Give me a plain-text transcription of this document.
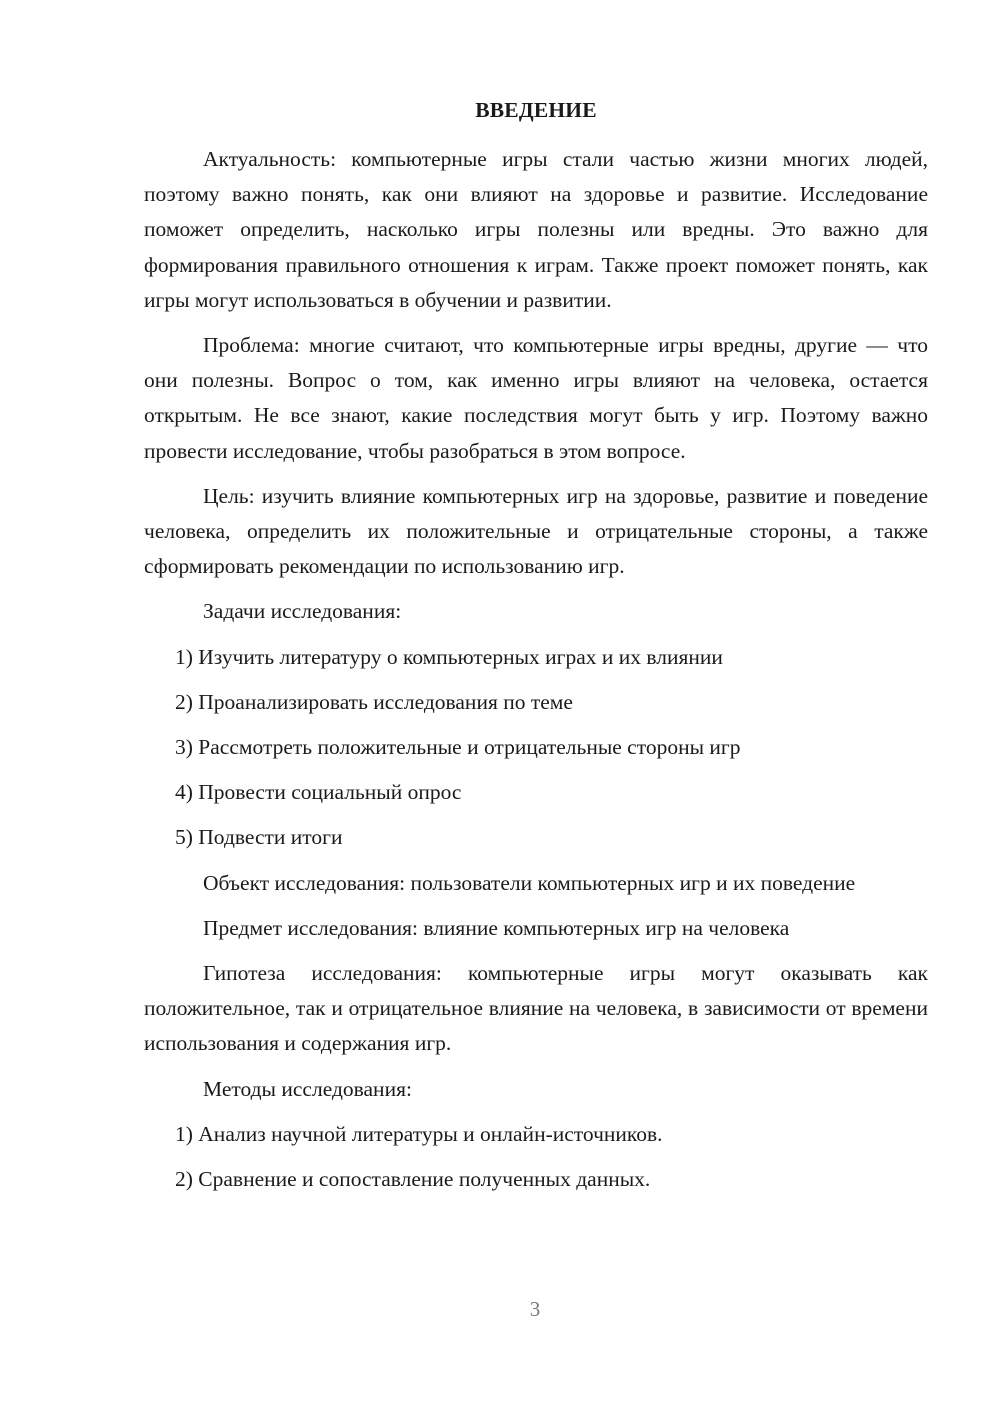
ВВЕДЕНИЕ

Актуальность: компьютерные игры стали частью жизни многих людей, поэтому важно понять, как они влияют на здоровье и развитие. Исследование поможет определить, насколько игры полезны или вредны. Это важно для формирования правильного отношения к играм. Также проект поможет понять, как игры могут использоваться в обучении и развитии.

Проблема: многие считают, что компьютерные игры вредны, другие — что они полезны. Вопрос о том, как именно игры влияют на человека, остается открытым. Не все знают, какие последствия могут быть у игр. Поэтому важно провести исследование, чтобы разобраться в этом вопросе.

Цель: изучить влияние компьютерных игр на здоровье, развитие и поведение человека, определить их положительные и отрицательные стороны, а также сформировать рекомендации по использованию игр.

Задачи исследования:

1) Изучить литературу о компьютерных играх и их влиянии
2) Проанализировать исследования по теме
3) Рассмотреть положительные и отрицательные стороны игр
4) Провести социальный опрос
5) Подвести итоги

Объект исследования: пользователи компьютерных игр и их поведение

Предмет исследования: влияние компьютерных игр на человека

Гипотеза исследования: компьютерные игры могут оказывать как положительное, так и отрицательное влияние на человека, в зависимости от времени использования и содержания игр.

Методы исследования:

1) Анализ научной литературы и онлайн-источников.
2) Сравнение и сопоставление полученных данных.
3
